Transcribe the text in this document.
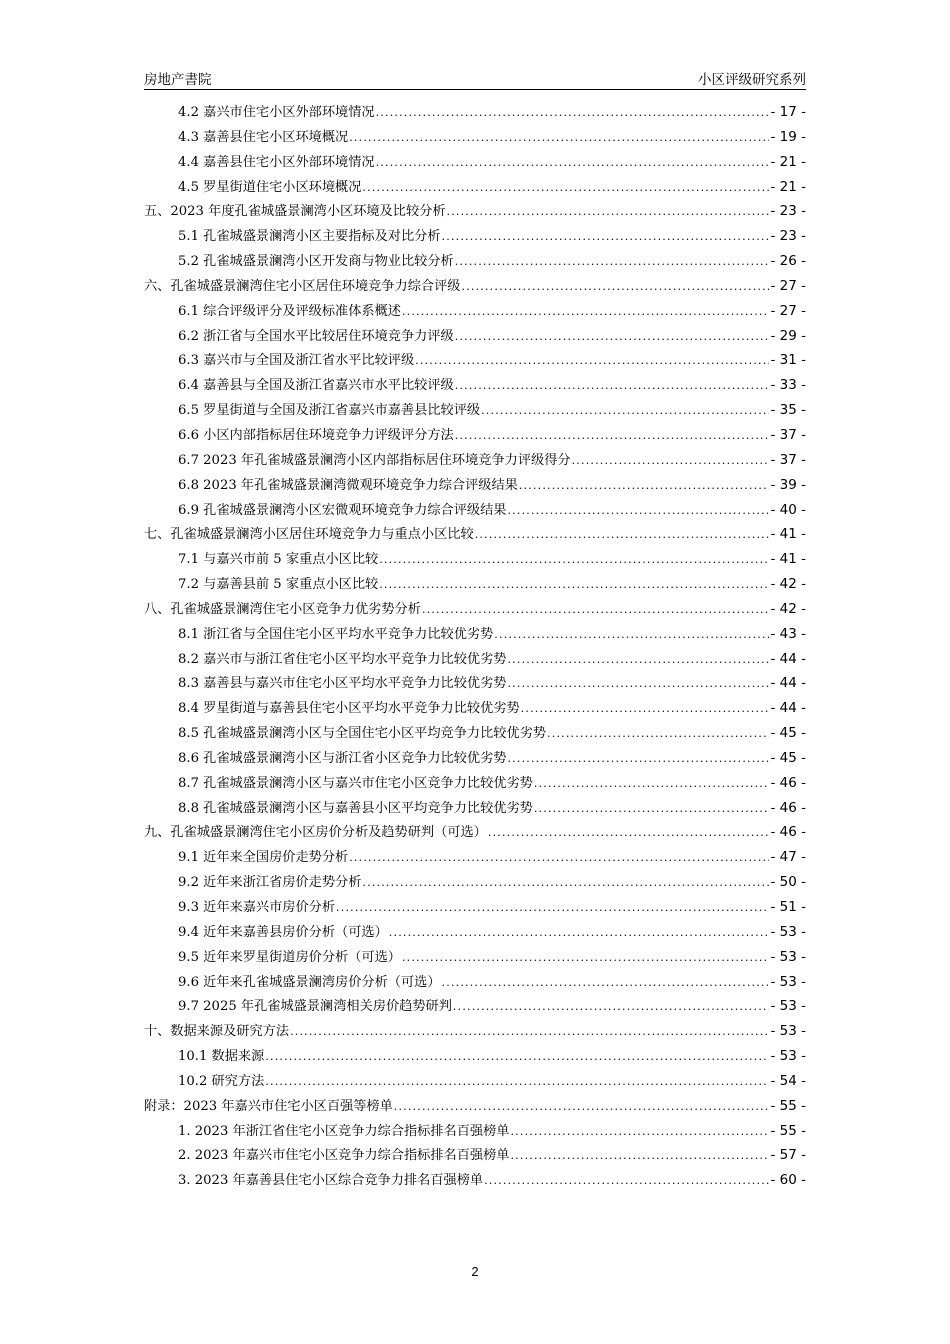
房地产書院	小区评级研究系列
4.2 嘉兴市住宅小区外部环境情况 .....	- 17 -
4.3 嘉善县住宅小区环境概况 .....	- 19 -
4.4 嘉善县住宅小区外部环境情况 .....	- 21 -
4.5 罗星街道住宅小区环境概况 .....	- 21 -
五、2023 年度孔雀城盛景澜湾小区环境及比较分析 .....	- 23 -
5.1 孔雀城盛景澜湾小区主要指标及对比分析 .....	- 23 -
5.2 孔雀城盛景澜湾小区开发商与物业比较分析 .....	- 26 -
六、孔雀城盛景澜湾住宅小区居住环境竞争力综合评级 .....	- 27 -
6.1 综合评级评分及评级标准体系概述 .....	- 27 -
6.2 浙江省与全国水平比较居住环境竞争力评级 .....	- 29 -
6.3 嘉兴市与全国及浙江省水平比较评级 .....	- 31 -
6.4 嘉善县与全国及浙江省嘉兴市水平比较评级 .....	- 33 -
6.5 罗星街道与全国及浙江省嘉兴市嘉善县比较评级 .....	- 35 -
6.6 小区内部指标居住环境竞争力评级评分方法 .....	- 37 -
6.7 2023 年孔雀城盛景澜湾小区内部指标居住环境竞争力评级得分 .....	- 37 -
6.8 2023 年孔雀城盛景澜湾微观环境竞争力综合评级结果 .....	- 39 -
6.9 孔雀城盛景澜湾小区宏微观环境竞争力综合评级结果 .....	- 40 -
七、孔雀城盛景澜湾小区居住环境竞争力与重点小区比较 .....	- 41 -
7.1 与嘉兴市前 5 家重点小区比较 .....	- 41 -
7.2 与嘉善县前 5 家重点小区比较 .....	- 42 -
八、孔雀城盛景澜湾住宅小区竞争力优劣势分析 .....	- 42 -
8.1 浙江省与全国住宅小区平均水平竞争力比较优劣势 .....	- 43 -
8.2 嘉兴市与浙江省住宅小区平均水平竞争力比较优劣势 .....	- 44 -
8.3 嘉善县与嘉兴市住宅小区平均水平竞争力比较优劣势 .....	- 44 -
8.4 罗星街道与嘉善县住宅小区平均水平竞争力比较优劣势 .....	- 44 -
8.5 孔雀城盛景澜湾小区与全国住宅小区平均竞争力比较优劣势 .....	- 45 -
8.6 孔雀城盛景澜湾小区与浙江省小区竞争力比较优劣势 .....	- 45 -
8.7 孔雀城盛景澜湾小区与嘉兴市住宅小区竞争力比较优劣势 .....	- 46 -
8.8 孔雀城盛景澜湾小区与嘉善县小区平均竞争力比较优劣势 .....	- 46 -
九、孔雀城盛景澜湾住宅小区房价分析及趋势研判（可选） .....	- 46 -
9.1 近年来全国房价走势分析 .....	- 47 -
9.2 近年来浙江省房价走势分析 .....	- 50 -
9.3 近年来嘉兴市房价分析 .....	- 51 -
9.4 近年来嘉善县房价分析（可选） .....	- 53 -
9.5 近年来罗星街道房价分析（可选） .....	- 53 -
9.6 近年来孔雀城盛景澜湾房价分析（可选） .....	- 53 -
9.7 2025 年孔雀城盛景澜湾相关房价趋势研判 .....	- 53 -
十、数据来源及研究方法 .....	- 53 -
10.1 数据来源 .....	- 53 -
10.2 研究方法 .....	- 54 -
附录：2023 年嘉兴市住宅小区百强等榜单 .....	- 55 -
1. 2023 年浙江省住宅小区竞争力综合指标排名百强榜单 .....	- 55 -
2. 2023 年嘉兴市住宅小区竞争力综合指标排名百强榜单 .....	- 57 -
3. 2023 年嘉善县住宅小区综合竞争力排名百强榜单 .....	- 60 -
2
